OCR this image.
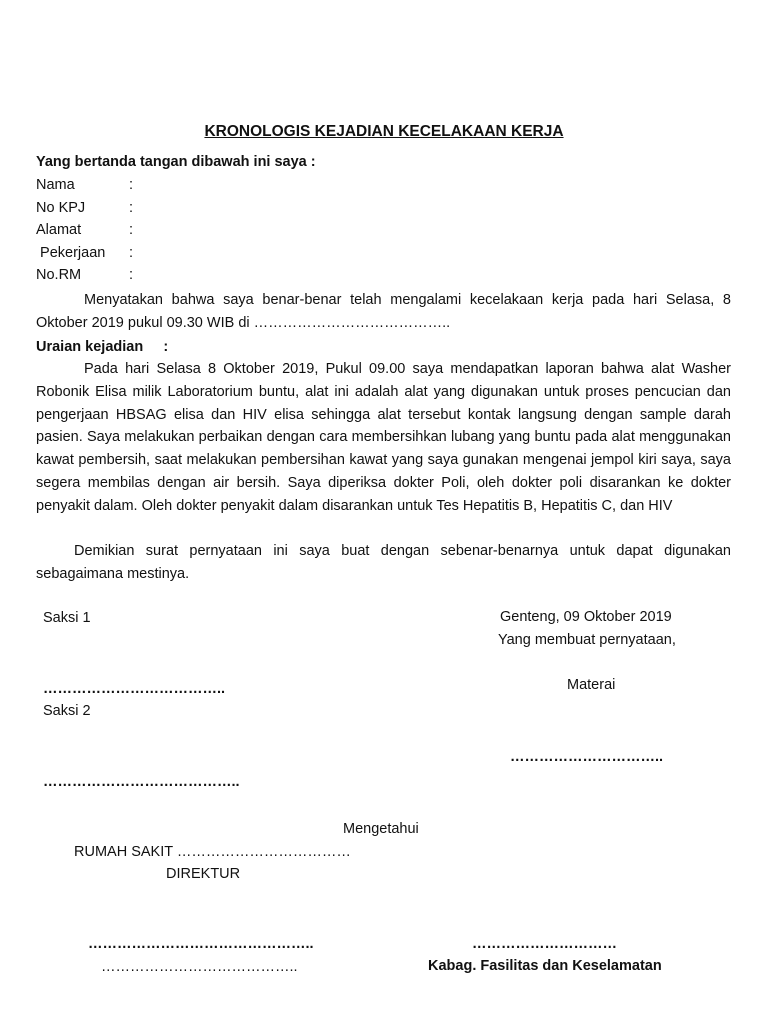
KRONOLOGIS KEJADIAN KECELAKAAN KERJA
Yang bertanda tangan dibawah ini saya :
Nama	:
No KPJ	:
Alamat	:
Pekerjaan :
No.RM	:

Menyatakan bahwa saya benar-benar telah mengalami kecelakaan kerja pada hari Selasa, 8 Oktober 2019 pukul 09.30 WIB di …………………………………..

Uraian kejadian     :

Pada hari Selasa 8 Oktober 2019, Pukul 09.00 saya mendapatkan laporan bahwa alat Washer Robonik Elisa milik Laboratorium buntu, alat ini adalah alat yang digunakan untuk proses pencucian dan pengerjaan HBSAG elisa dan HIV elisa sehingga alat tersebut kontak langsung dengan sample darah pasien. Saya melakukan perbaikan dengan cara membersihkan lubang yang buntu pada alat menggunakan kawat pembersih, saat melakukan pembersihan kawat yang saya gunakan mengenai jempol kiri saya, saya segera membilas dengan air bersih. Saya diperiksa dokter Poli, oleh dokter poli disarankan ke dokter penyakit dalam. Oleh dokter penyakit dalam disarankan untuk Tes Hepatitis B, Hepatitis C, dan HIV

Demikian surat pernyataan ini saya buat dengan sebenar-benarnya untuk dapat digunakan sebagaimana mestinya.

Saksi 1	Genteng, 09 Oktober 2019
Yang membuat pernyataan,
………………………………..	Materai
Saksi 2
…………………………..
…………………………………..
Mengetahui
RUMAH SAKIT ………………………………
DIREKTUR
………………………………………..	…………………………
…………………………………..	Kabag. Fasilitas dan Keselamatan
